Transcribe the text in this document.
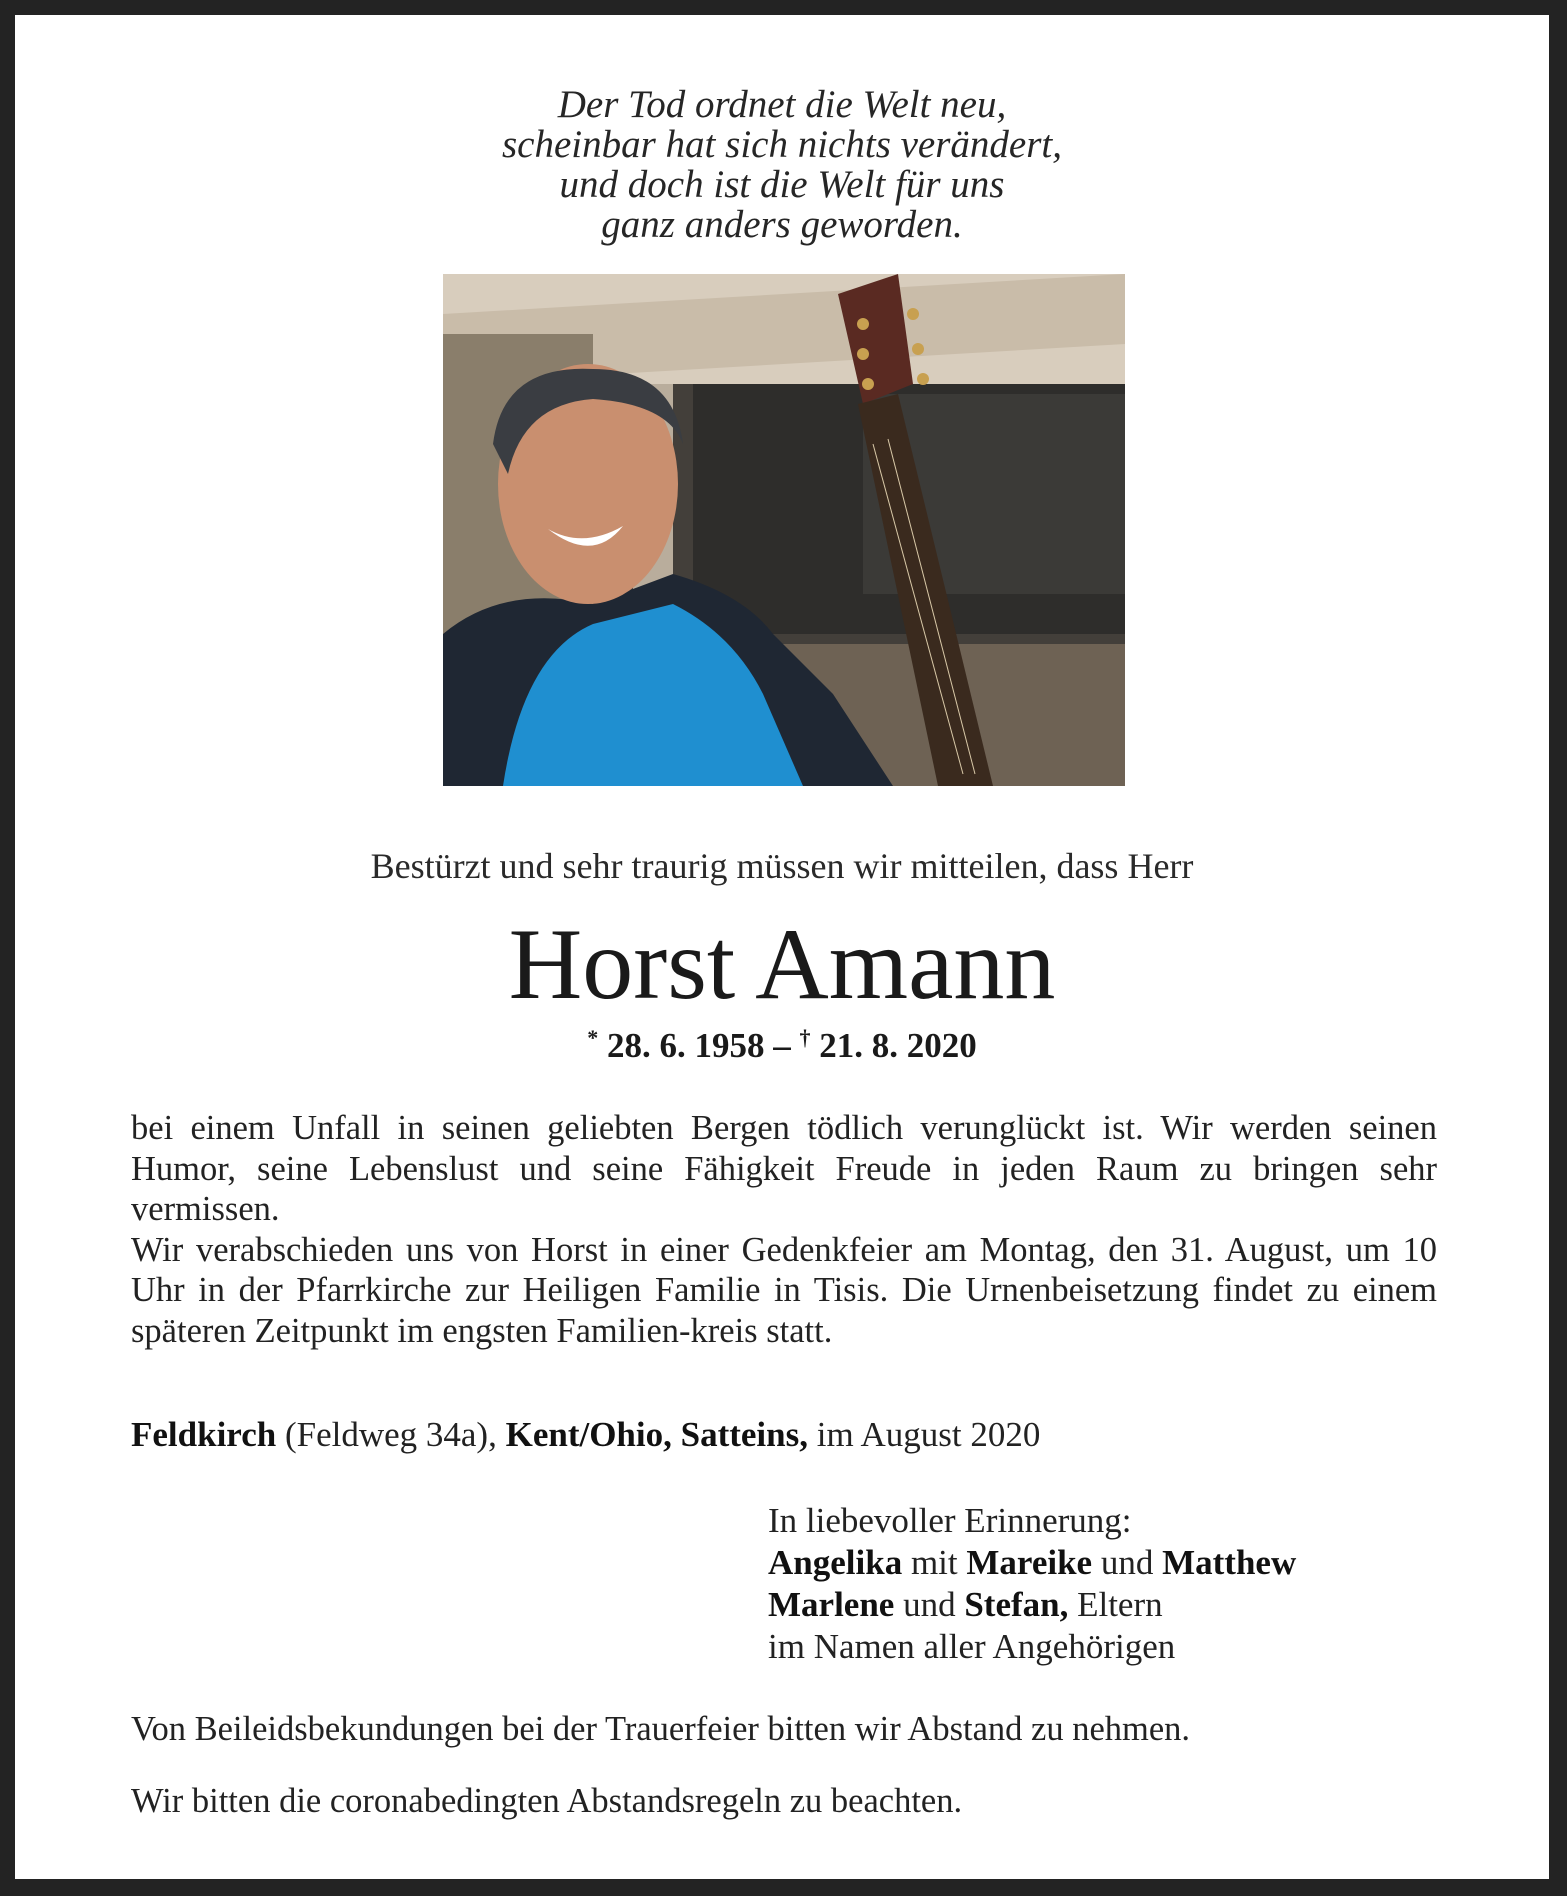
Der Tod ordnet die Welt neu,
scheinbar hat sich nichts verändert,
und doch ist die Welt für uns
ganz anders geworden.
Bestürzt und sehr traurig müssen wir mitteilen, dass Herr
Horst Amann
* 28. 6. 1958 – † 21. 8. 2020

bei einem Unfall in seinen geliebten Bergen tödlich verunglückt ist. Wir werden seinen Humor, seine Lebenslust und seine Fähigkeit Freude in jeden Raum zu bringen sehr vermissen.

Wir verabschieden uns von Horst in einer Gedenkfeier am Montag, den 31. August, um 10 Uhr in der Pfarrkirche zur Heiligen Familie in Tisis. Die Urnenbeisetzung findet zu einem späteren Zeitpunkt im engsten Familien-kreis statt.

Feldkirch (Feldweg 34a), Kent/Ohio, Satteins, im August 2020
In liebevoller Erinnerung:
Angelika mit Mareike und Matthew
Marlene und Stefan, Eltern
im Namen aller Angehörigen
Von Beileidsbekundungen bei der Trauerfeier bitten wir Abstand zu nehmen.
Wir bitten die coronabedingten Abstandsregeln zu beachten.
